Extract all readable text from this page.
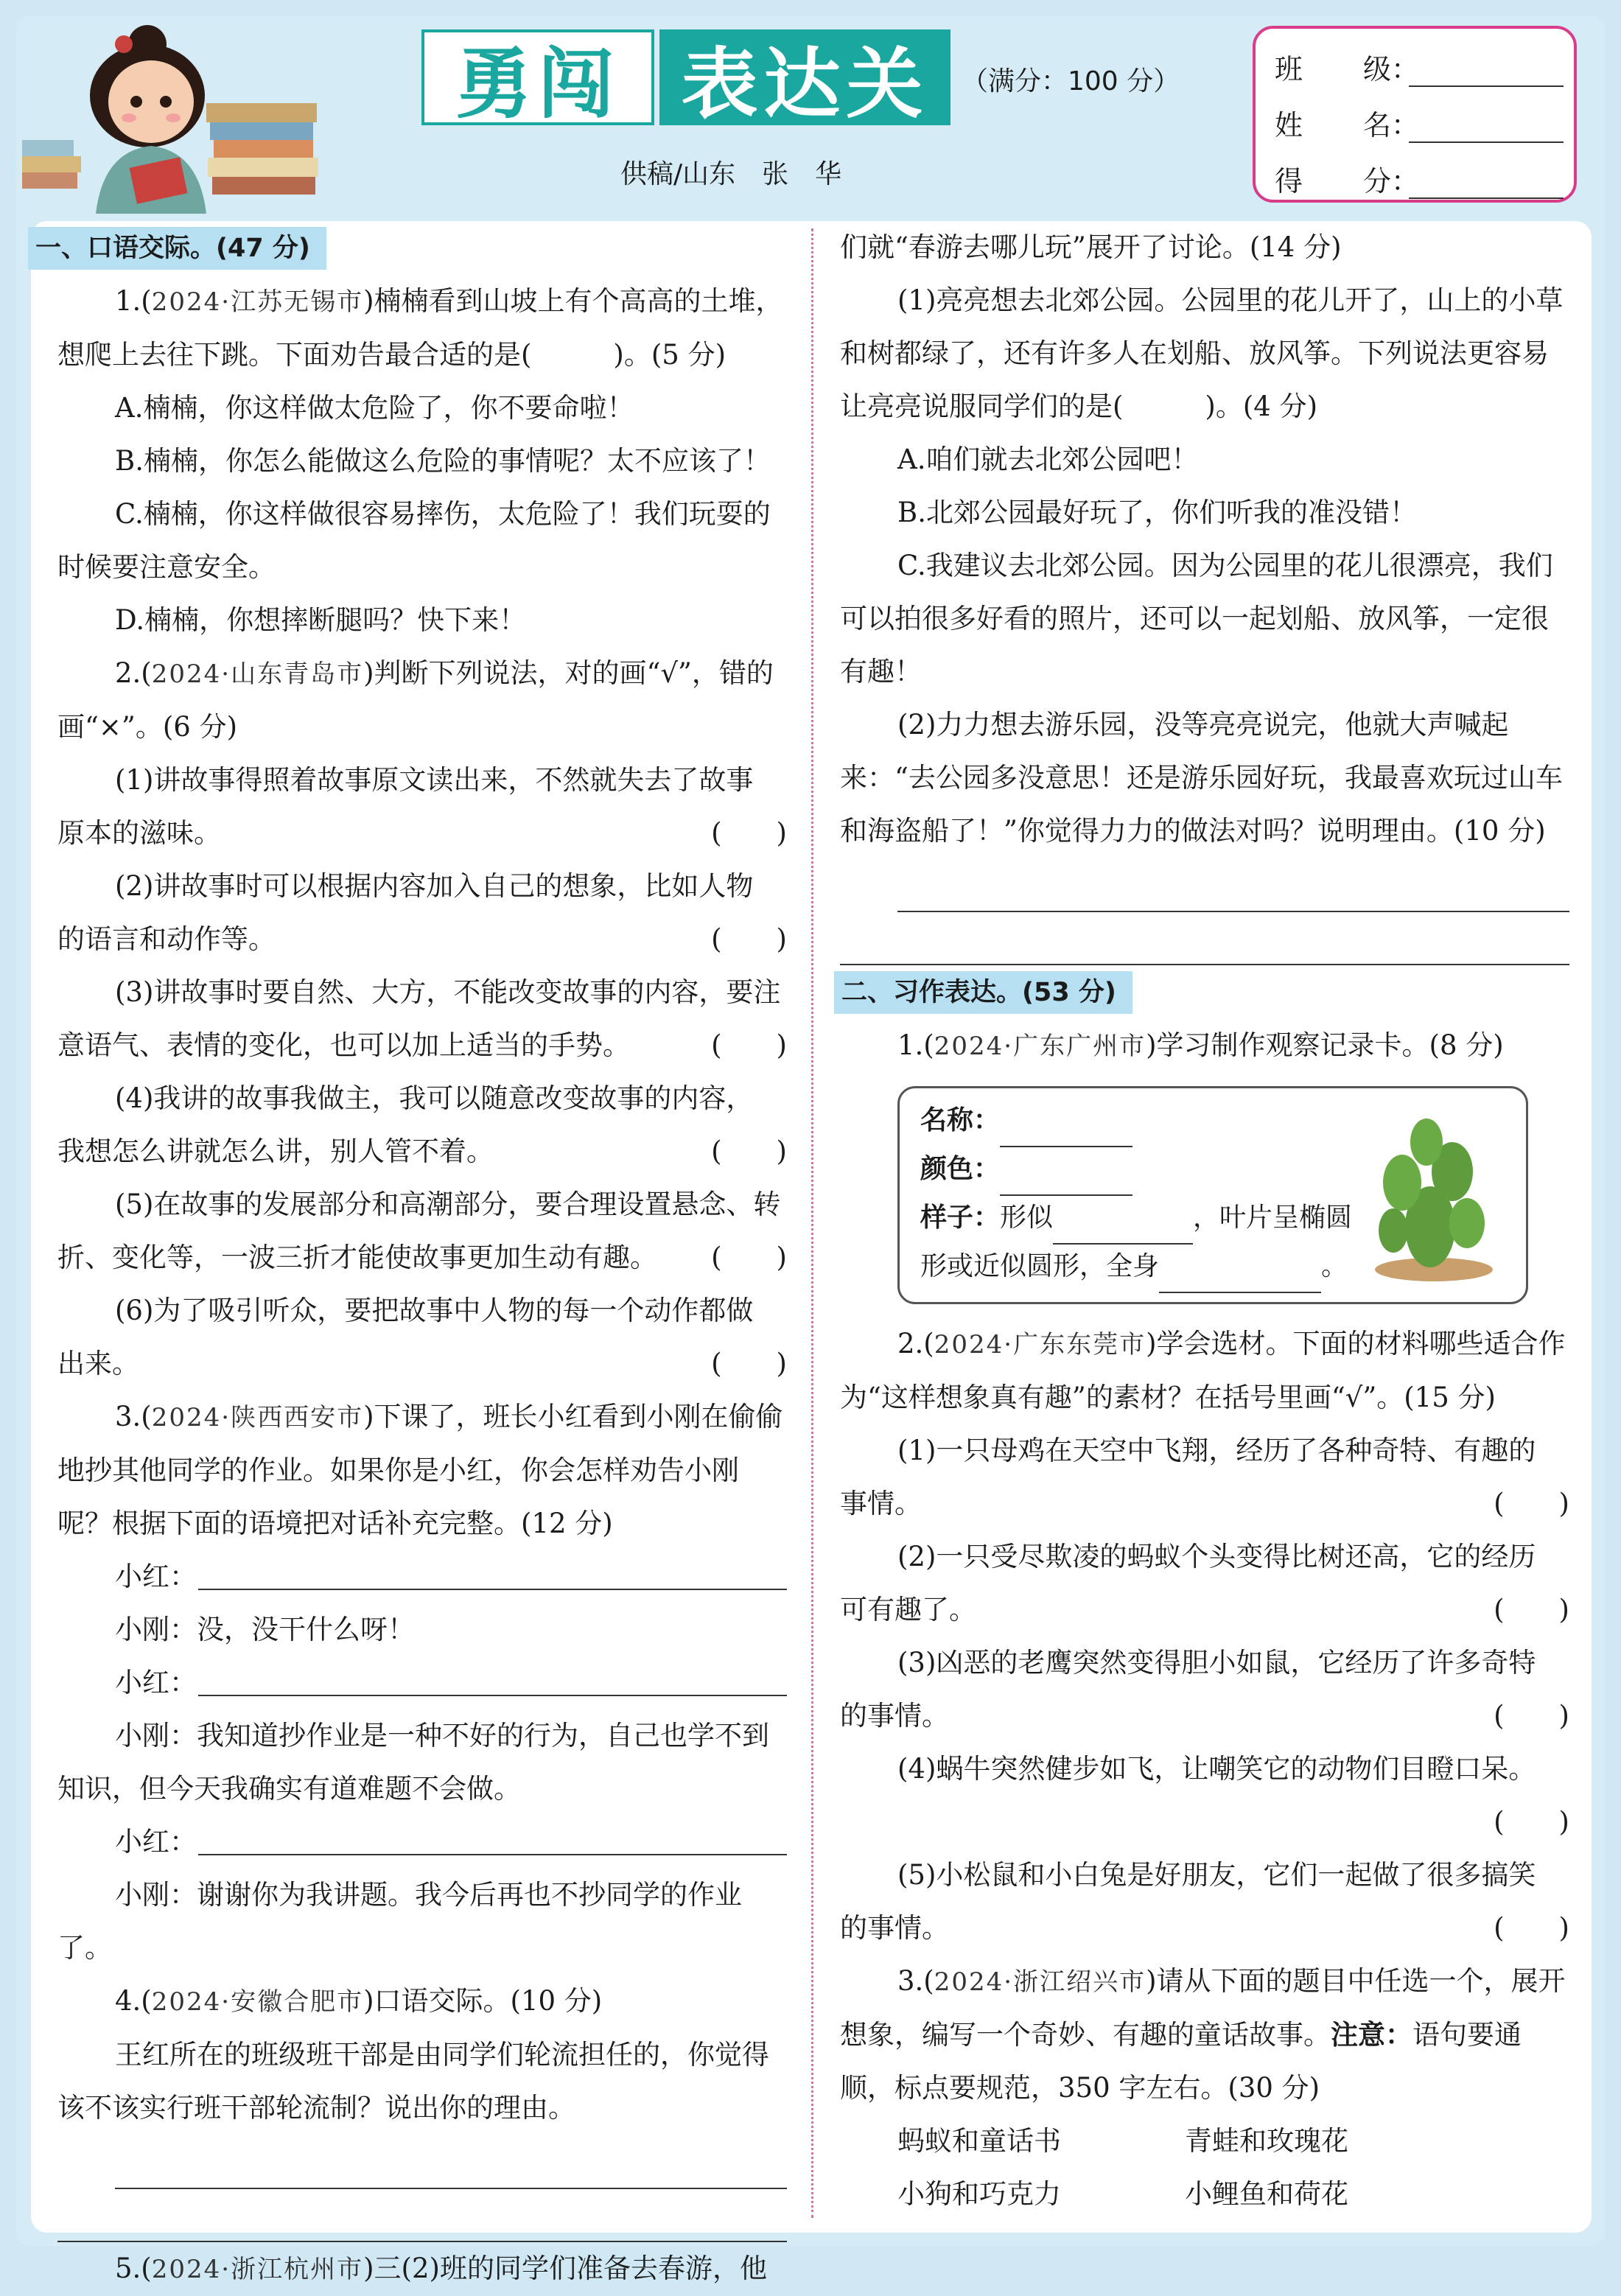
勇闯 表达关	（满分：100 分）
供稿/山东　张　华
班	级：
姓	名：
得	分：
一、口语交际。(47 分)

1.(2024·江苏无锡市)楠楠看到山坡上有个高高的土堆，想爬上去往下跳。下面劝告最合适的是(　　　)。(5 分)

A.楠楠，你这样做太危险了，你不要命啦！

B.楠楠，你怎么能做这么危险的事情呢？太不应该了！

C.楠楠，你这样做很容易摔伤，太危险了！我们玩耍的时候要注意安全。

D.楠楠，你想摔断腿吗？快下来！

2.(2024·山东青岛市)判断下列说法，对的画“√”，错的画“×”。(6 分)

(1)讲故事得照着故事原文读出来，不然就失去了故事

原本的滋味。	(　　)

(2)讲故事时可以根据内容加入自己的想象，比如人物

的语言和动作等。	(　　)

(3)讲故事时要自然、大方，不能改变故事的内容，要注

意语气、表情的变化，也可以加上适当的手势。	(　　)

(4)我讲的故事我做主，我可以随意改变故事的内容，

我想怎么讲就怎么讲，别人管不着。	(　　)

(5)在故事的发展部分和高潮部分，要合理设置悬念、转

折、变化等，一波三折才能使故事更加生动有趣。 (　　)

(6)为了吸引听众，要把故事中人物的每一个动作都做

出来。	(　　)

3.(2024·陕西西安市)下课了，班长小红看到小刚在偷偷地抄其他同学的作业。如果你是小红，你会怎样劝告小刚呢？根据下面的语境把对话补充完整。(12 分)

小红：

小刚：没，没干什么呀！

小红：

小刚：我知道抄作业是一种不好的行为，自己也学不到知识，但今天我确实有道难题不会做。

小红：

小刚：谢谢你为我讲题。我今后再也不抄同学的作业了。

4.(2024·安徽合肥市)口语交际。(10 分)

王红所在的班级班干部是由同学们轮流担任的，你觉得该不该实行班干部轮流制？说出你的理由。

5.(2024·浙江杭州市)三(2)班的同学们准备去春游，他

们就“春游去哪儿玩”展开了讨论。(14 分)

(1)亮亮想去北郊公园。公园里的花儿开了，山上的小草和树都绿了，还有许多人在划船、放风筝。下列说法更容易让亮亮说服同学们的是(　　　)。(4 分)

A.咱们就去北郊公园吧！

B.北郊公园最好玩了，你们听我的准没错！

C.我建议去北郊公园。因为公园里的花儿很漂亮，我们可以拍很多好看的照片，还可以一起划船、放风筝，一定很有趣！

(2)力力想去游乐园，没等亮亮说完，他就大声喊起来：“去公园多没意思！还是游乐园好玩，我最喜欢玩过山车和海盗船了！”你觉得力力的做法对吗？说明理由。(10 分)

二、习作表达。(53 分)

1.(2024·广东广州市)学习制作观察记录卡。(8 分)

名称：
颜色：
样子： 形似	，叶片呈椭圆
形或近似圆形，全身	。

2.(2024·广东东莞市)学会选材。下面的材料哪些适合作为“这样想象真有趣”的素材？在括号里画“√”。(15 分)

(1)一只母鸡在天空中飞翔，经历了各种奇特、有趣的

事情。	(　　)

(2)一只受尽欺凌的蚂蚁个头变得比树还高，它的经历

可有趣了。	(　　)

(3)凶恶的老鹰突然变得胆小如鼠，它经历了许多奇特

的事情。	(　　)

(4)蜗牛突然健步如飞，让嘲笑它的动物们目瞪口呆。

(　　)

(5)小松鼠和小白兔是好朋友，它们一起做了很多搞笑

的事情。	(　　)

3.(2024·浙江绍兴市)请从下面的题目中任选一个，展开想象，编写一个奇妙、有趣的童话故事。注意：语句要通顺，标点要规范，350 字左右。(30 分)

蚂蚁和童话书	青蛙和玫瑰花
小狗和巧克力	小鲤鱼和荷花
